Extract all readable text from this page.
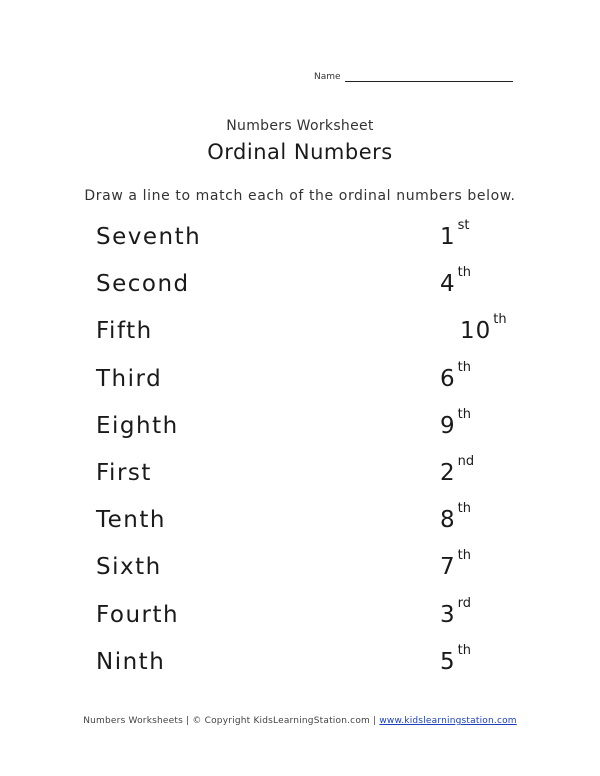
Name
Numbers Worksheet
Ordinal Numbers
Draw a line to match each of the ordinal numbers below.
Seventh	1 $^{st}$
Second	4 $^{th}$
Fifth	10 $^{th}$
Third	6 $^{th}$
Eighth	9 $^{th}$
First	2 $^{nd}$
Tenth	8 $^{th}$
Sixth	7 $^{th}$
Fourth	3 $^{rd}$
Ninth	5 $^{th}$
Numbers Worksheets | © Copyright KidsLearningStation.com | www.kidslearningstation.com
